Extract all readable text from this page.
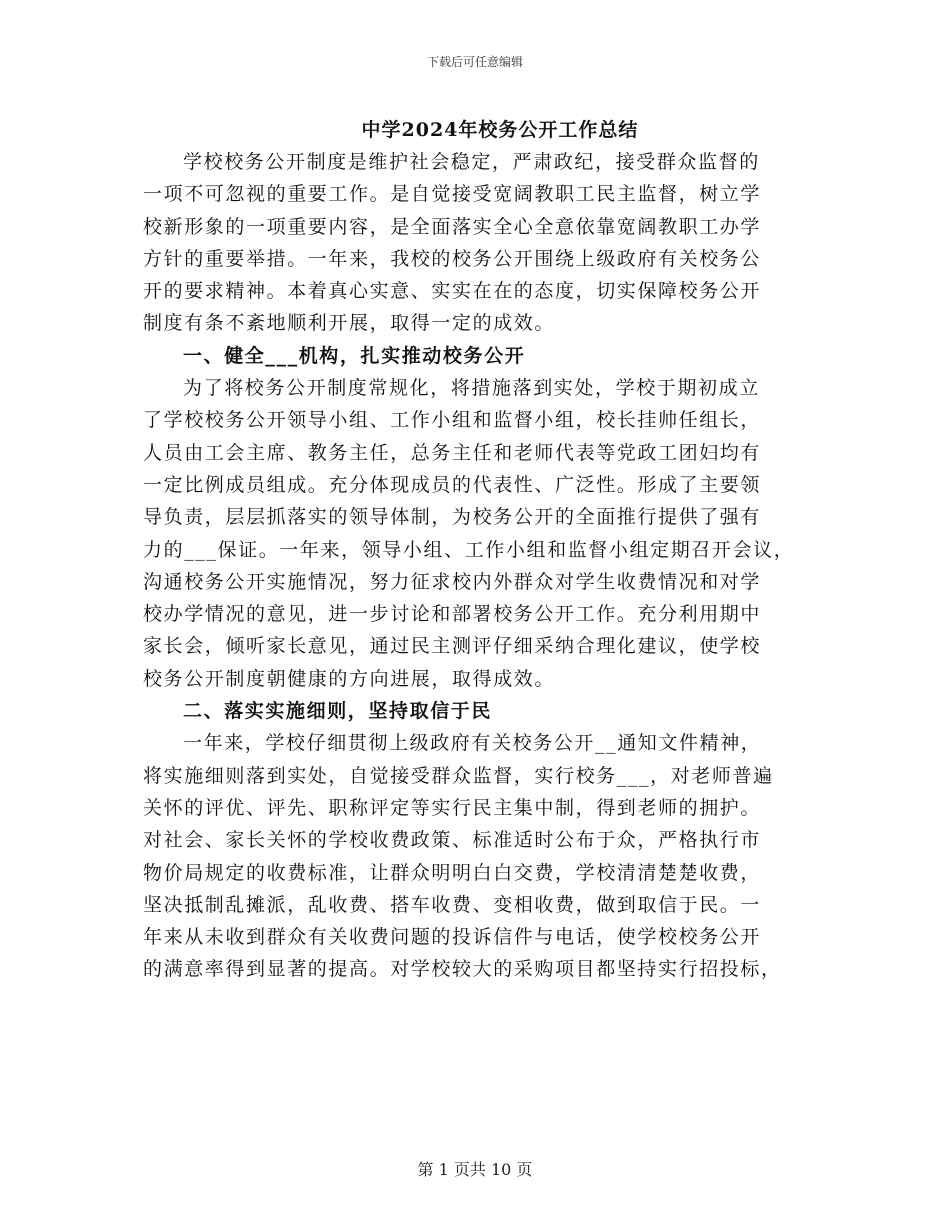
下载后可任意编辑
中学2024年校务公开工作总结
学校校务公开制度是维护社会稳定，严肃政纪，接受群众监督的
一项不可忽视的重要工作。是自觉接受宽阔教职工民主监督，树立学
校新形象的一项重要内容，是全面落实全心全意依靠宽阔教职工办学
方针的重要举措。一年来，我校的校务公开围绕上级政府有关校务公
开的要求精神。本着真心实意、实实在在的态度，切实保障校务公开
制度有条不紊地顺利开展，取得一定的成效。
一、健全___机构，扎实推动校务公开
为了将校务公开制度常规化，将措施落到实处，学校于期初成立
了学校校务公开领导小组、工作小组和监督小组，校长挂帅任组长，
人员由工会主席、教务主任，总务主任和老师代表等党政工团妇均有
一定比例成员组成。充分体现成员的代表性、广泛性。形成了主要领
导负责，层层抓落实的领导体制，为校务公开的全面推行提供了强有
力的___保证。一年来，领导小组、工作小组和监督小组定期召开会议，
沟通校务公开实施情况，努力征求校内外群众对学生收费情况和对学
校办学情况的意见，进一步讨论和部署校务公开工作。充分利用期中
家长会，倾听家长意见，通过民主测评仔细采纳合理化建议，使学校
校务公开制度朝健康的方向进展，取得成效。
二、落实实施细则，坚持取信于民
一年来，学校仔细贯彻上级政府有关校务公开__通知文件精神，
将实施细则落到实处，自觉接受群众监督，实行校务___，对老师普遍
关怀的评优、评先、职称评定等实行民主集中制，得到老师的拥护。
对社会、家长关怀的学校收费政策、标准适时公布于众，严格执行市
物价局规定的收费标准，让群众明明白白交费，学校清清楚楚收费，
坚决抵制乱摊派，乱收费、搭车收费、变相收费，做到取信于民。一
年来从未收到群众有关收费问题的投诉信件与电话，使学校校务公开
的满意率得到显著的提高。对学校较大的采购项目都坚持实行招投标，
第 1 页共 10 页
